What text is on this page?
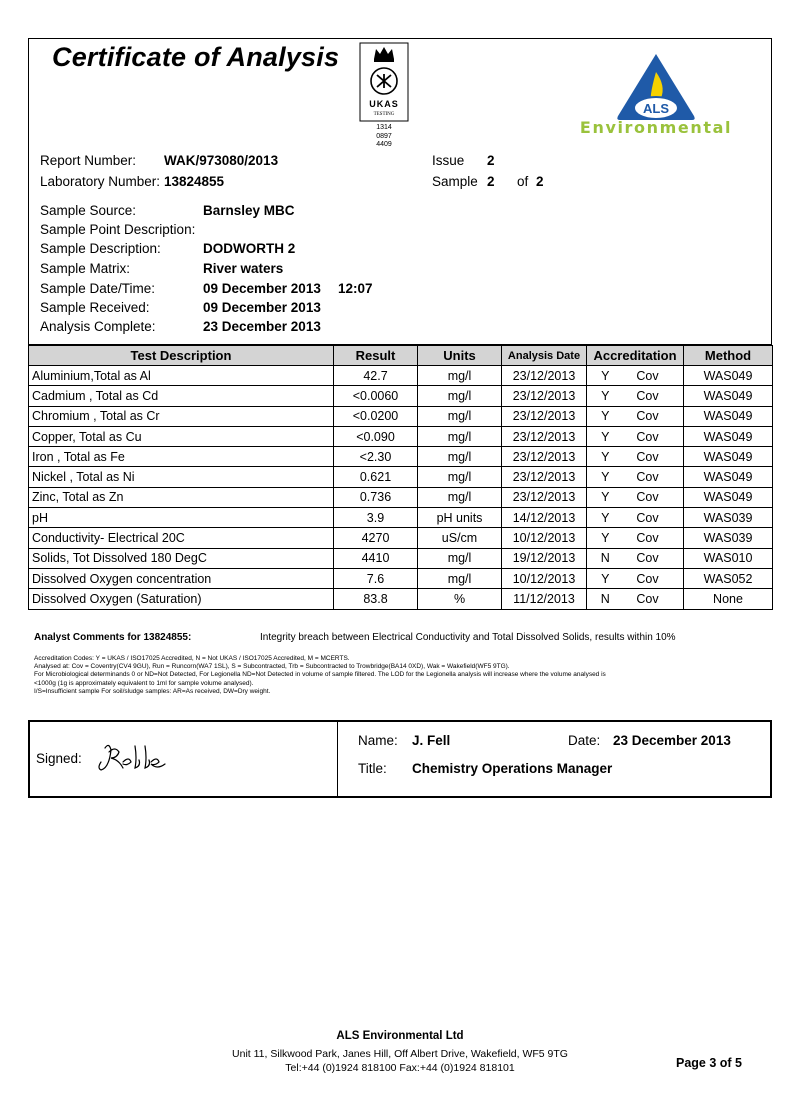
Certificate of Analysis
UKAS
TESTING
1314
0897
4409
ALS
Environmental
Report Number: WAK/973080/2013	Issue 2
Laboratory Number: 13824855	Sample 2 of 2
Sample Source:	Barnsley MBC
Sample Point Description:
Sample Description:	DODWORTH 2
Sample Matrix:	River waters
Sample Date/Time:	09 December 2013 12:07
Sample Received:	09 December 2013
Analysis Complete:	23 December 2013
Test Description	Result	Units	Analysis Date	Accreditation	Method
Aluminium,Total as Al	42.7	mg/l	23/12/2013	Y Cov	WAS049
Cadmium , Total as Cd	<0.0060	mg/l	23/12/2013	Y Cov	WAS049
Chromium , Total as Cr	<0.0200	mg/l	23/12/2013	Y Cov	WAS049
Copper, Total as Cu	<0.090	mg/l	23/12/2013	Y Cov	WAS049
Iron , Total as Fe	<2.30	mg/l	23/12/2013	Y Cov	WAS049
Nickel , Total as Ni	0.621	mg/l	23/12/2013	Y Cov	WAS049
Zinc, Total as Zn	0.736	mg/l	23/12/2013	Y Cov	WAS049
pH	3.9	pH units	14/12/2013	Y Cov	WAS039
Conductivity- Electrical 20C	4270	uS/cm	10/12/2013	Y Cov	WAS039
Solids, Tot Dissolved 180 DegC	4410	mg/l	19/12/2013	N Cov	WAS010
Dissolved Oxygen concentration	7.6	mg/l	10/12/2013	Y Cov	WAS052
Dissolved Oxygen (Saturation)	83.8	%	11/12/2013	N Cov	None
Analyst Comments for 13824855:	Integrity breach between Electrical Conductivity and Total Dissolved Solids, results within 10%
Accreditation Codes: Y = UKAS / ISO17025 Accredited, N = Not UKAS / ISO17025 Accredited, M = MCERTS.
Analysed at: Cov = Coventry(CV4 9GU), Run = Runcorn(WA7 1SL), S = Subcontracted, Trb = Subcontracted to Trowbridge(BA14 0XD), Wak = Wakefield(WF5 9TG).
For Microbiological determinands 0 or ND=Not Detected, For Legionella ND=Not Detected in volume of sample filtered. The LOD for the Legionella analysis will increase where the volume analysed is
<1000g (1g is approximately equivalent to 1ml for sample volume analysed).
I/S=Insufficient sample For soil/sludge samples: AR=As received, DW=Dry weight.
Signed:
Name: J. Fell	Date: 23 December 2013
Title: Chemistry Operations Manager
ALS Environmental Ltd
Unit 11, Silkwood Park, Janes Hill, Off Albert Drive, Wakefield, WF5 9TG
Tel:+44 (0)1924 818100 Fax:+44 (0)1924 818101	Page 3 of 5
